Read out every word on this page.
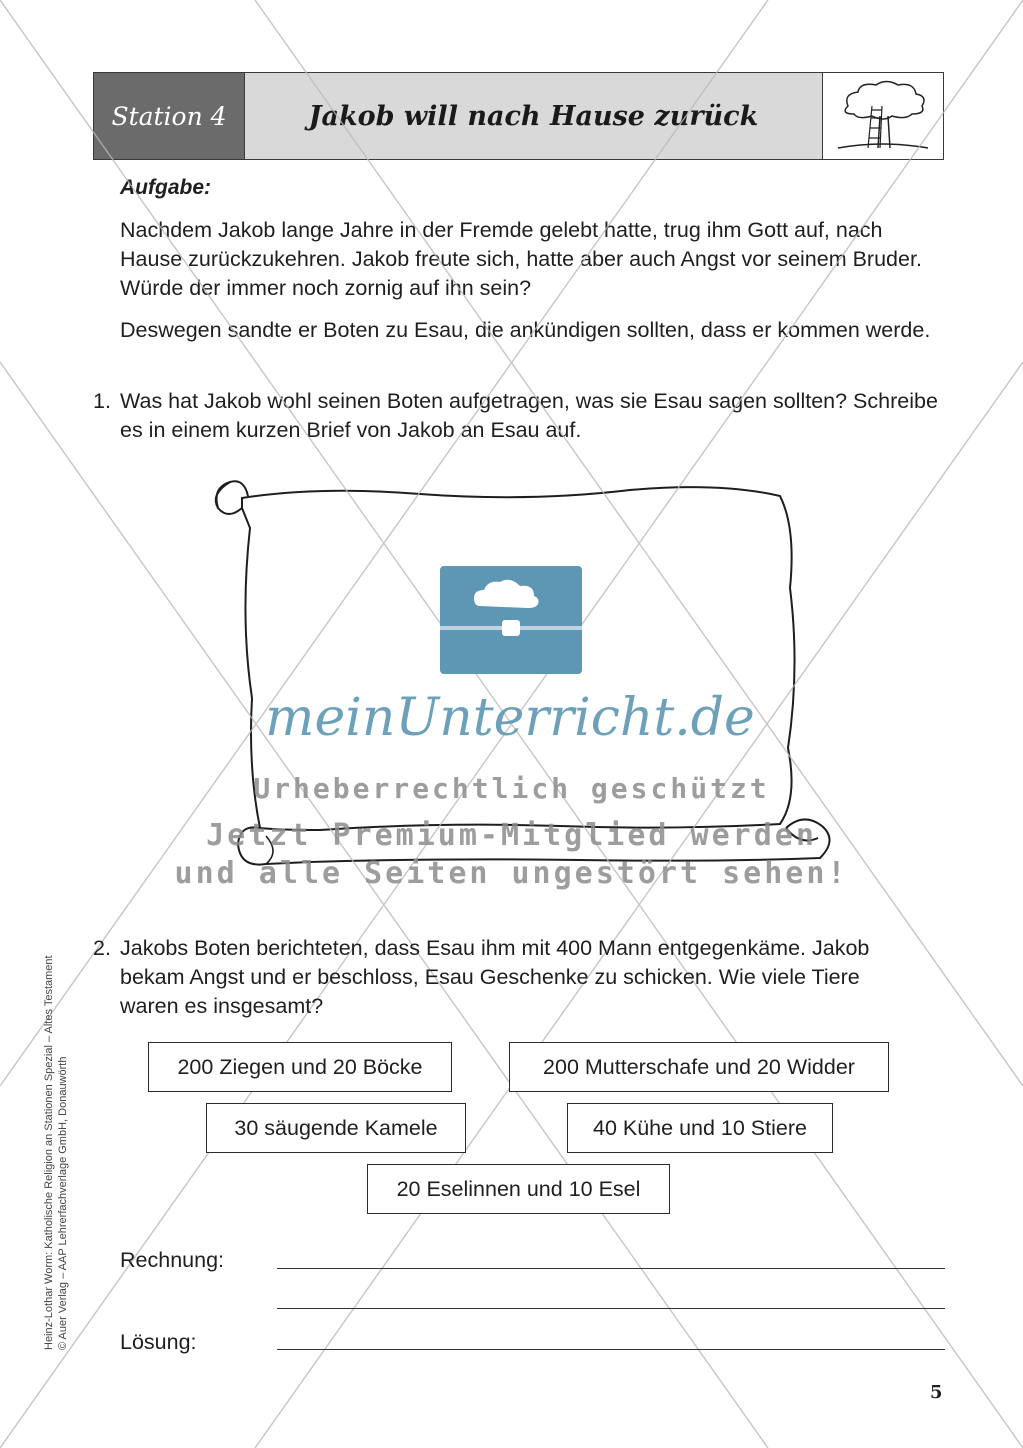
Station 4	Jakob will nach Hause zurück
Aufgabe:

Nachdem Jakob lange Jahre in der Fremde gelebt hatte, trug ihm Gott auf, nach Hause zurückzukehren. Jakob freute sich, hatte aber auch Angst vor seinem Bruder. Würde der immer noch zornig auf ihn sein?

Deswegen sandte er Boten zu Esau, die ankündigen sollten, dass er kommen werde.

1. Was hat Jakob wohl seinen Boten aufgetragen, was sie Esau sagen sollten? Schreibe es in einem kurzen Brief von Jakob an Esau auf.

meinUnterricht.de
Urheberrechtlich geschützt
Jetzt Premium-Mitglied werden
und alle Seiten ungestört sehen!
2. Jakobs Boten berichteten, dass Esau ihm mit 400 Mann entgegenkäme. Jakob bekam Angst und er beschloss, Esau Geschenke zu schicken. Wie viele Tiere waren es insgesamt?

200 Ziegen und 20 Böcke	200 Mutterschafe und 20 Widder
30 säugende Kamele	40 Kühe und 10 Stiere
20 Eselinnen und 10 Esel
Rechnung:
Lösung:
Heinz-Lothar Worm: Katholische Religion an Stationen Spezial – Altes Testament © Auer Verlag – AAP Lehrerfachverlage GmbH, Donauwörth
5
